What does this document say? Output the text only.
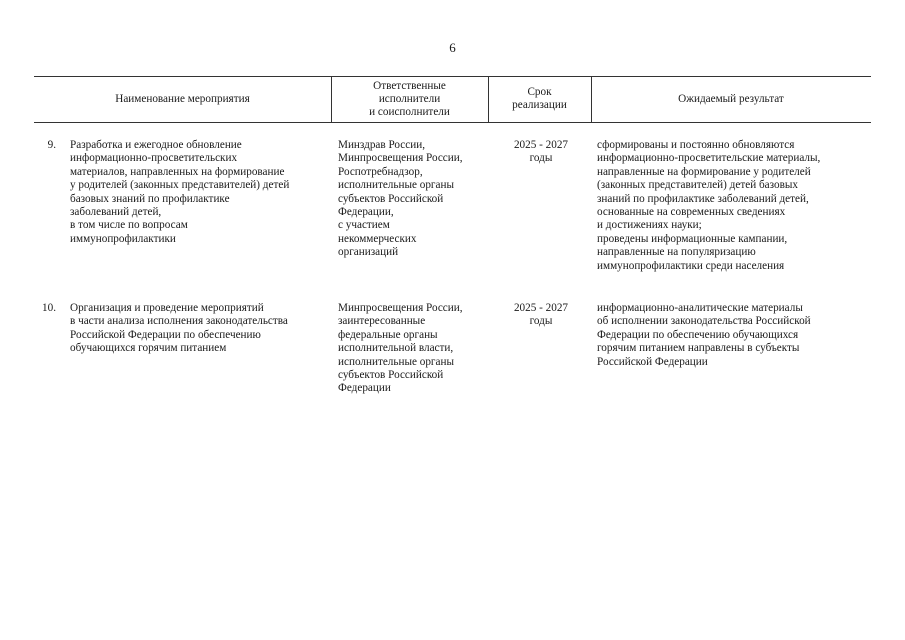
6
Наименование мероприятия
Ответственные
исполнители
и соисполнители
Срок
реализации
Ожидаемый результат
9. Разработка и ежегодное обновление
информационно-просветительских
материалов, направленных на формирование
у родителей (законных представителей) детей
базовых знаний по профилактике
заболеваний детей,
в том числе по вопросам
иммунопрофилактики
Минздрав России,
Минпросвещения России,
Роспотребнадзор,
исполнительные органы
субъектов Российской
Федерации,
с участием
некоммерческих
организаций
2025 - 2027
годы
сформированы и постоянно обновляются
информационно-просветительские материалы,
направленные на формирование у родителей
(законных представителей) детей базовых
знаний по профилактике заболеваний детей,
основанные на современных сведениях
и достижениях науки;
проведены информационные кампании,
направленные на популяризацию
иммунопрофилактики среди населения
10. Организация и проведение мероприятий
в части анализа исполнения законодательства
Российской Федерации по обеспечению
обучающихся горячим питанием
Минпросвещения России,
заинтересованные
федеральные органы
исполнительной власти,
исполнительные органы
субъектов Российской
Федерации
2025 - 2027
годы
информационно-аналитические материалы
об исполнении законодательства Российской
Федерации по обеспечению обучающихся
горячим питанием направлены в субъекты
Российской Федерации
